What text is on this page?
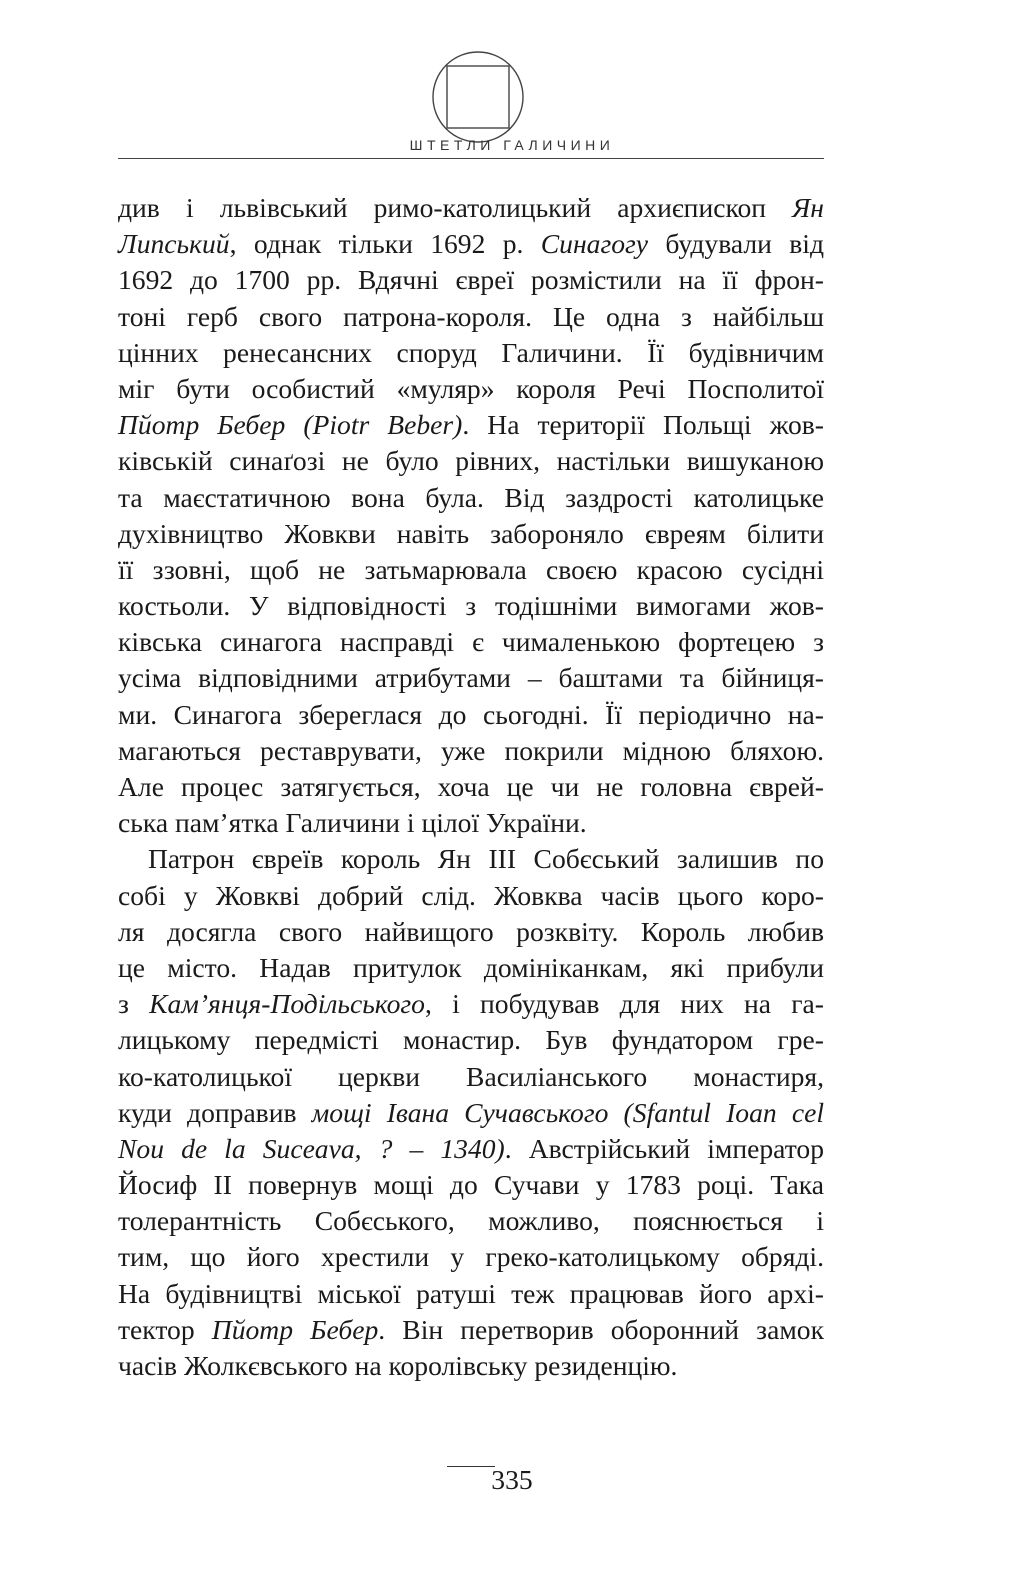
ШТЕТЛИ ГАЛИЧИНИ
див і львівський римо-католицький архиєпископ Ян
Липський, однак тільки 1692 р. Синагогу будували від
1692 до 1700 рр. Вдячні євреї розмістили на її фрон-
тоні герб свого патрона-короля. Це одна з найбільш
цінних ренесансних споруд Галичини. Її будівничим
міг бути особистий «муляр» короля Речі Посполитої
Пйотр Бебер (Piotr Beber). На території Польщі жов-
ківській синаґозі не було рівних, настільки вишуканою
та маєстатичною вона була. Від заздрості католицьке
духівництво Жовкви навіть забороняло євреям білити
її ззовні, щоб не затьмарювала своєю красою сусідні
костьоли. У відповідності з тодішніми вимогами жов-
ківська синагога насправді є чималенькою фортецею з
усіма відповідними атрибутами – баштами та бійниця-
ми. Синагога збереглася до сьогодні. Її періодично на-
магаються реставрувати, уже покрили мідною бляхою.
Але процес затягується, хоча це чи не головна єврей-
ська пам’ятка Галичини і цілої України.
Патрон євреїв король Ян ІІІ Собєський залишив по
собі у Жовкві добрий слід. Жовква часів цього коро-
ля досягла свого найвищого розквіту. Король любив
це місто. Надав притулок домініканкам, які прибули
з Кам’янця-Подільського, і побудував для них на га-
лицькому передмісті монастир. Був фундатором гре-
ко-католицької церкви Василіанського монастиря,
куди доправив мощі Івана Сучавського (Sfantul Ioan cel
Nou de la Suceava, ? – 1340). Австрійський імператор
Йосиф ІІ повернув мощі до Сучави у 1783 році. Така
толерантність Собєського, можливо, пояснюється і
тим, що його хрестили у греко-католицькому обряді.
На будівництві міської ратуші теж працював його архі-
тектор Пйотр Бебер. Він перетворив оборонний замок
часів Жолкєвського на королівську резиденцію.
335
